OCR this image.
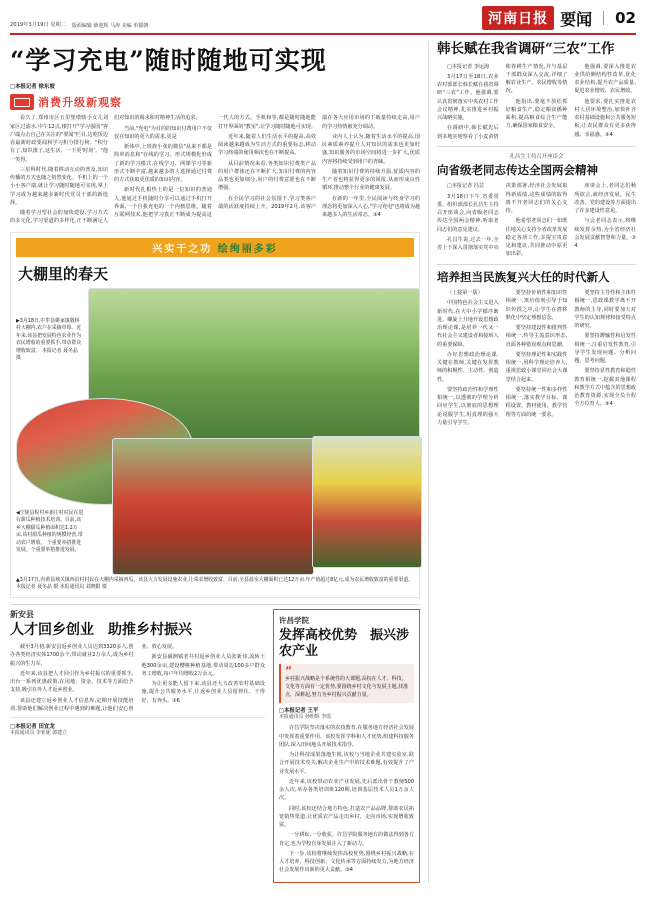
2019年3月19日 星期二 版面编辑 薛迎辉 马涛 美编 单援朝	河南日报 要闻 02
“学习充电”随时随地可实现
□本报记者 徐东坡
消费升级新观察

看久了,郑州市区五里堡墩辖小女儿刘家区过滤水,中午12点,楼打开"学习强国"客户端点击自己在关注的"要闻"栏目,边吃饭边看最新时政要闻和学习积分排行榜。"积分有了,知识涨了,这生活、一下更'时尚'。"他一笑得。

三星科时代,随着移动互动的普及,知识传播的方式也随之悄然变化。手机上的一个小小客户端,就让学习随时随地可实现,掌上学习成为越来越多新时代党员干部的新选择。

随着学习型社会的加快建设,学习方式的多元化,学习渠道的多样化,正不断满足人们对知识的渴求和对精神生活的追求。

当前,"充电"为目的的知识付费用户不仅仅在知识的更大的需求,更是

新体中,上班族小张的微信"从来不都是简单消息和"在线的学习、形式规模化形成了新的学习模式,在线学习、网课学习等新形式不断丰富,越来越多的人选择通过付费的方式获取更优质的知识内容。

新时代扎根热土的是一位知识的普通人,他通过手机随时分享可以通过手机打开界面,一个自我充电的一个内核思维。随着互联网技术,他把学习真正不断成为提高这一代人的方式。手机和等,都是随时随地能打开界面的"教室",让学习随时随地可实现。

近年来,随着人们生活水平的提高,高效阅读越来越成为生活方式的重要标志,移动学习终端的使用频次也在不断提高。

从目前情况来看,各类知识付费类产品的用户群体还在不断扩大,知识付费的内容品类也更加细分,用户的付费意愿也在不断增强。

在全民学习的社会氛围下,学习类客户端的活跃度持续上升。2019年2月,该客户端在各大应用市场的下载量持续走高,用户的学习热情被充分调动。

业内人士认为,随着生活水平的提高,国民素质素养提升人对知识的需求也更加旺盛,知识服务的市场空间将进一步扩大,优质内容将持续受到用户的青睐。

随着知识付费的持续升温,优质内容的生产者也将获得更多的回报,从而形成良性循环,推动整个行业的健康发展。

在新的一年里,全民阅读与终身学习的理念将更加深入人心,"学习充电"也将成为越来越多人的生活常态。③4

兴实干之功 绘绚丽多彩
大棚里的春天
▶3月18日,中牟县姚家镇敬桥村大棚内,农户在采摘草莓。近年来,该县把发展特色农业作为农民增收的重要抓手,带动群众增收致富。 本报记者 聂冬晶 摄
◀宁陵县程村乡新庄村村民在进行甜瓜种植技术培训。目前,该乡大棚甜瓜种植面积达1.2万亩,该村甜瓜种植的规模经营,带动农户增收。 个重要举措推进发展。个重要举措推进发展。
▲3月17日,内黄县城关镇西沿村村民在大棚内采摘西瓜。该县大力发展设施农业,让菜农增收致富。目前,全县温室大棚面积已达12万亩,年产值超过8亿元,成为农民增收致富的重要渠道。 本报记者 聂冬晶 摄 本报通讯员 刘晓阳 摄
新安县
人才回乡创业　助推乡村振兴

截至3月初,新安县返乡创业人员达到3320多人,创办各类经济实体1700余个,带动就业2万余人,成为乡村振兴的生力军。

近年来,该县把人才回引作为乡村振兴的重要抓手,出台一系列优惠政策,在用地、资金、技术等方面给予支持,吸引在外人才返乡创业。

该县还建立返乡创业人才信息库,定期开展技能培训,帮助他们解决创业过程中遇到的难题,让他们安心创业、放心发展。

新安县磁涧镇老井村返乡创业人员张新伟,流转土地300余亩,建设樱桃种植基地,带动周边100多户群众务工增收,每户年均增收2万余元。

为让更多能人留下来,该县还大力改善农村基础设施,提升公共服务水平,让返乡创业人员留得住、干得好、有奔头。③6

□本报记者 田宜龙
本报通讯员 李亚妮 郭建立
许昌学院
发挥高校优势　振兴涉农产业
“
乡村振兴战略是个系统性的大课题,高校在人才、科技、文化等方面有一定优势,要围绕乡村文化与发展主题,找准点、深耕起,努力为乡村振兴贡献力量。
□本报记者 王平
本报通讯员 孙明辉 李霞

许昌学院坚决落实的农技教育,在服务地方经济社会发展中发挥着重要作用。该校发挥学科和人才优势,组建科技服务团队,深入田间地头开展技术指导。

为让科技成果落地生根,该校与当地企业共建实验室,联合开展技术攻关,解决企业生产中的技术难题,有效提升了产业发展水平。

近年来,该校带动农业产业发展,先后派出骨干教师500余人次,举办各类培训班120期,培训基层技术人员1万余人次。

同时,该校还结合地方特色,打造农产品品牌,帮助农民拓宽销售渠道,让优质农产品走出乡村、走向市场,实现增收致富。

一分耕耘,一分收获。许昌学院服务地方的做法得到各方肯定,也为学校自身发展注入了新动力。

下一步,该校将继续发挥高校优势,围绕乡村振兴战略,在人才培养、科技创新、文化传承等方面持续发力,为地方经济社会发展作出新的更大贡献。③4

韩长赋在我省调研“三农”工作

□本报记者 李运海

3月17日至18日,农业农村部部长韩长赋在我省调研“三农”工作。他强调,要认真贯彻落实中央农村工作会议精神,扎实推进乡村振兴战略实施。

在调研中,韩长赋先后到多地实地察看了小麦苗情和春耕生产情况,并与基层干部群众深入交流,详细了解农业生产、农民增收等情况。

他指出,要毫不放松抓好粮食生产,稳定粮食播种面积,提高粮食综合生产能力,确保国家粮食安全。

他强调,要深入推进农业供给侧结构性改革,优化农业结构,提升农产品质量,促进农业增效、农民增收。

他要求,要扎实推进农村人居环境整治,加快补齐农村基础设施和公共服务短板,让农民群众有更多获得感、幸福感。③4

孔昌生主持召开座谈会
向省级老同志传达全国两会精神

□本报记者 冯芸

3月18日下午,省委常委、组织部部长孔昌生主持召开座谈会,向省级老同志传达全国两会精神,听取老同志们的意见建议。

孔昌生说,过去一年,全省上下深入贯彻落实党中央决策部署,经济社会发展取得新成绩,这些成绩的取得离不开老同志们的关心支持。

他希望老同志们一如既往地关心支持全省改革发展稳定各项工作,多提宝贵意见和建议,共同推动中原更加出彩。

座谈会上,老同志们畅所欲言,就经济发展、民生改善、党的建设等方面提出了许多建设性意见。

与会老同志表示,将继续发挥余热,为全省经济社会发展贡献智慧和力量。③4

培养担当民族复兴大任的时代新人

（上接第一版）

中国特色社会主义进入新时代,在大中小学循序渐进、螺旋上升地开设思想政治理论课,是培养一代又一代社会主义建设者和接班人的重要保障。

办好思想政治理论课,关键在教师,关键在发挥教师的积极性、主动性、创造性。

要坚持政治性和学理性相统一,以透彻的学理分析回应学生,以彻底的思想理论说服学生,用真理的强大力量引导学生。

要坚持价值性和知识性相统一,寓价值观引导于知识传授之中,让学生在潜移默化中坚定理想信念。

要坚持建设性和批判性相统一,传导主流意识形态,直面各种错误观点和思潮。

要坚持理论性和实践性相统一,用科学理论培养人,重视思政小课堂同社会大课堂结合起来。

要坚持统一性和多样性相统一,落实教学目标、课程设置、教材使用、教学管理等方面的统一要求。

要坚持主导性和主体性相统一,思政课教学离不开教师的主导,同时要加大对学生的认知规律和接受特点的研究。

要坚持灌输性和启发性相统一,注重启发性教育,引导学生发现问题、分析问题、思考问题。

要坚持显性教育和隐性教育相统一,挖掘其他课程和教学方式中蕴含的思想政治教育资源,实现全员全程全方位育人。③4
